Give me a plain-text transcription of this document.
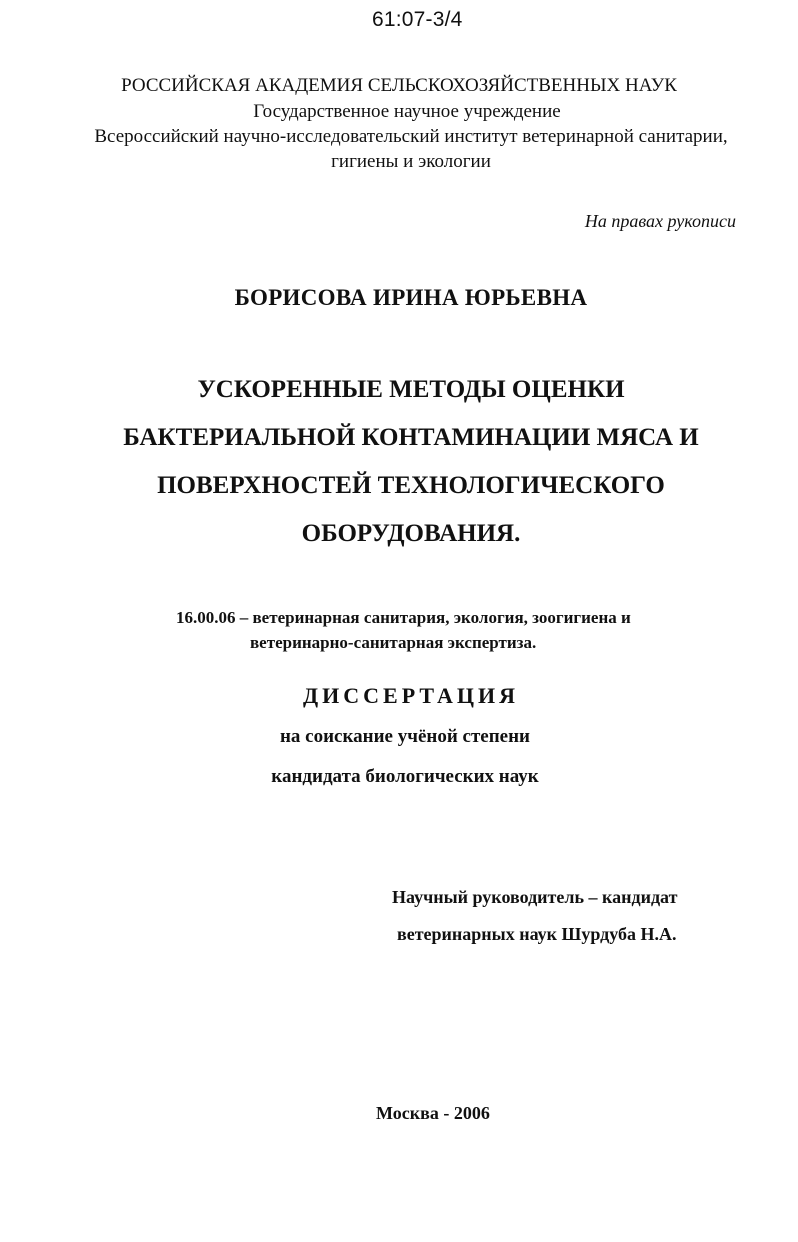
61:07-3/4
РОССИЙСКАЯ АКАДЕМИЯ СЕЛЬСКОХОЗЯЙСТВЕННЫХ НАУК
Государственное научное учреждение
Всероссийский научно-исследовательский институт ветеринарной санитарии,
гигиены и экологии
На правах рукописи
БОРИСОВА ИРИНА ЮРЬЕВНА
УСКОРЕННЫЕ МЕТОДЫ ОЦЕНКИ
БАКТЕРИАЛЬНОЙ КОНТАМИНАЦИИ МЯСА И
ПОВЕРХНОСТЕЙ ТЕХНОЛОГИЧЕСКОГО
ОБОРУДОВАНИЯ.
16.00.06 – ветеринарная санитария, экология, зоогигиена и
ветеринарно-санитарная экспертиза.
ДИССЕРТАЦИЯ
на соискание учёной степени
кандидата биологических наук
Научный руководитель – кандидат
ветеринарных наук Шурдуба Н.А.
Москва - 2006
